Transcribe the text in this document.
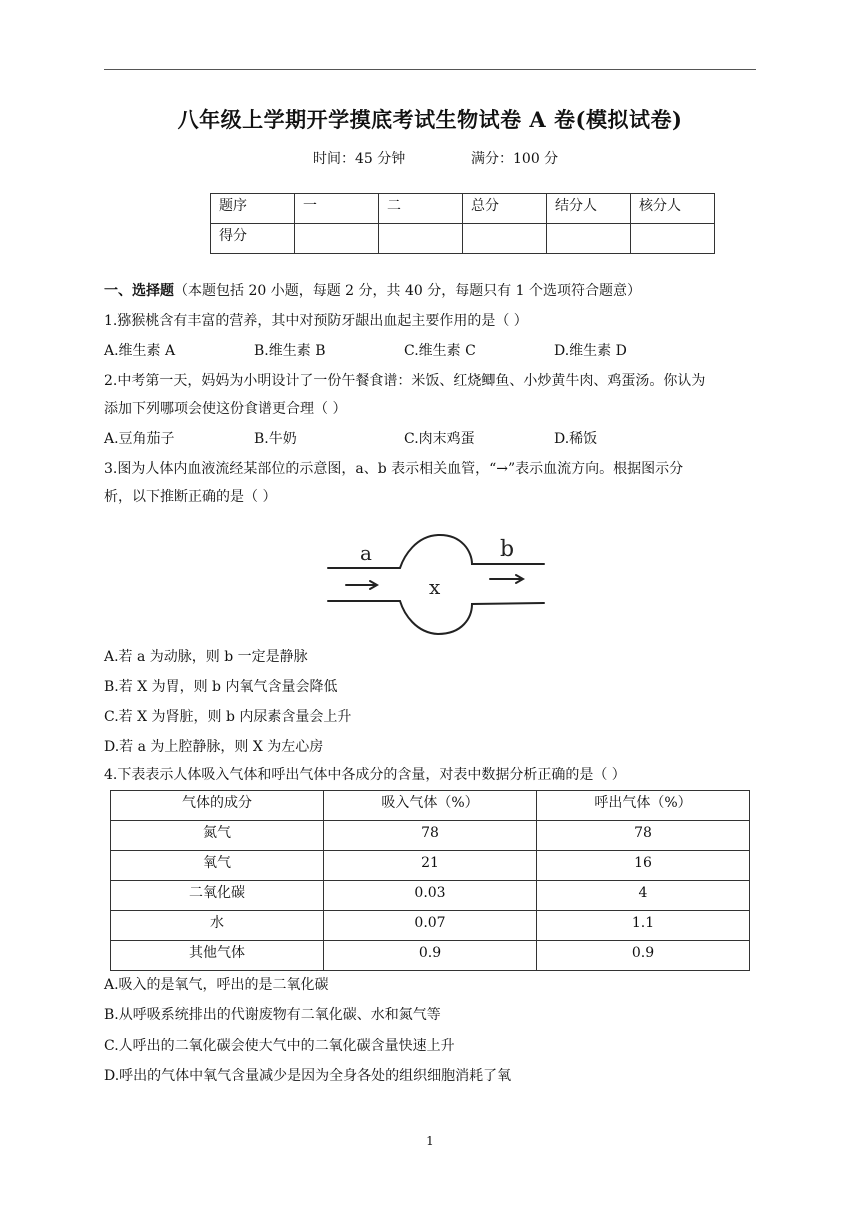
八年级上学期开学摸底考试生物试卷 A 卷(模拟试卷)
时间：45 分钟	满分：100 分
题序	一	二	总分	结分人	核分人
得分					
一、选择题（本题包括 20 小题，每题 2 分，共 40 分，每题只有 1 个选项符合题意）
1.猕猴桃含有丰富的营养，其中对预防牙龈出血起主要作用的是（ ）
A.维生素 A	B.维生素 B	C.维生素 C	D.维生素 D
2.中考第一天，妈妈为小明设计了一份午餐食谱：米饭、红烧鲫鱼、小炒黄牛肉、鸡蛋汤。你认为
添加下列哪项会使这份食谱更合理（ ）
A.豆角茄子	B.牛奶	C.肉末鸡蛋	D.稀饭
3.图为人体内血液流经某部位的示意图，a、b 表示相关血管，“→”表示血流方向。根据图示分
析，以下推断正确的是（ ）
a	b
x
A.若 a 为动脉，则 b 一定是静脉
B.若 X 为胃，则 b 内氧气含量会降低
C.若 X 为肾脏，则 b 内尿素含量会上升
D.若 a 为上腔静脉，则 X 为左心房
4.下表表示人体吸入气体和呼出气体中各成分的含量，对表中数据分析正确的是（ ）
气体的成分	吸入气体（%）	呼出气体（%）
氮气	78	78
氧气	21	16
二氧化碳	0.03	4
水	0.07	1.1
其他气体	0.9	0.9
A.吸入的是氧气，呼出的是二氧化碳
B.从呼吸系统排出的代谢废物有二氧化碳、水和氮气等
C.人呼出的二氧化碳会使大气中的二氧化碳含量快速上升
D.呼出的气体中氧气含量减少是因为全身各处的组织细胞消耗了氧
1
